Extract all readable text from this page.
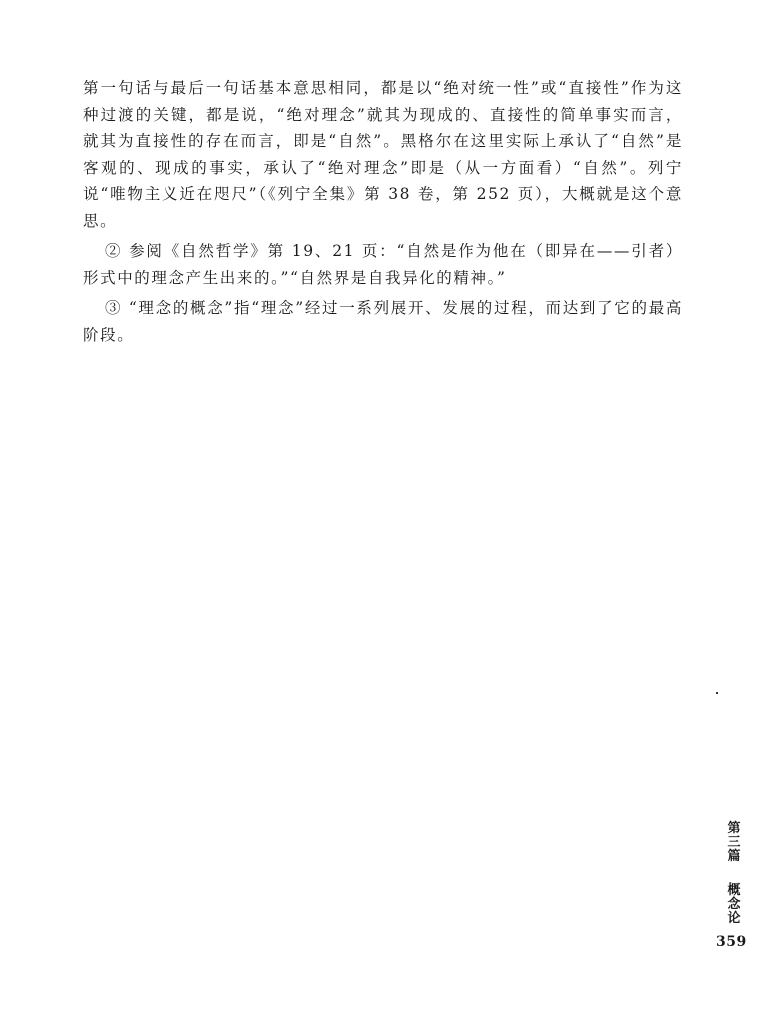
第一句话与最后一句话基本意思相同，都是以“绝对统一性”或“直接性”作为这种过渡的关键，都是说，“绝对理念”就其为现成的、直接性的简单事实而言，就其为直接性的存在而言，即是“自然”。黑格尔在这里实际上承认了“自然”是客观的、现成的事实，承认了“绝对理念”即是（从一方面看）“自然”。列宁说“唯物主义近在咫尺”（《列宁全集》第 38 卷，第 252 页），大概就是这个意思。

② 参阅《自然哲学》第 19、21 页：“自然是作为他在（即异在——引者）形式中的理念产生出来的。”“自然界是自我异化的精神。”

③ “理念的概念”指“理念”经过一系列展开、发展的过程，而达到了它的最高阶段。

第三篇
概念论
359
